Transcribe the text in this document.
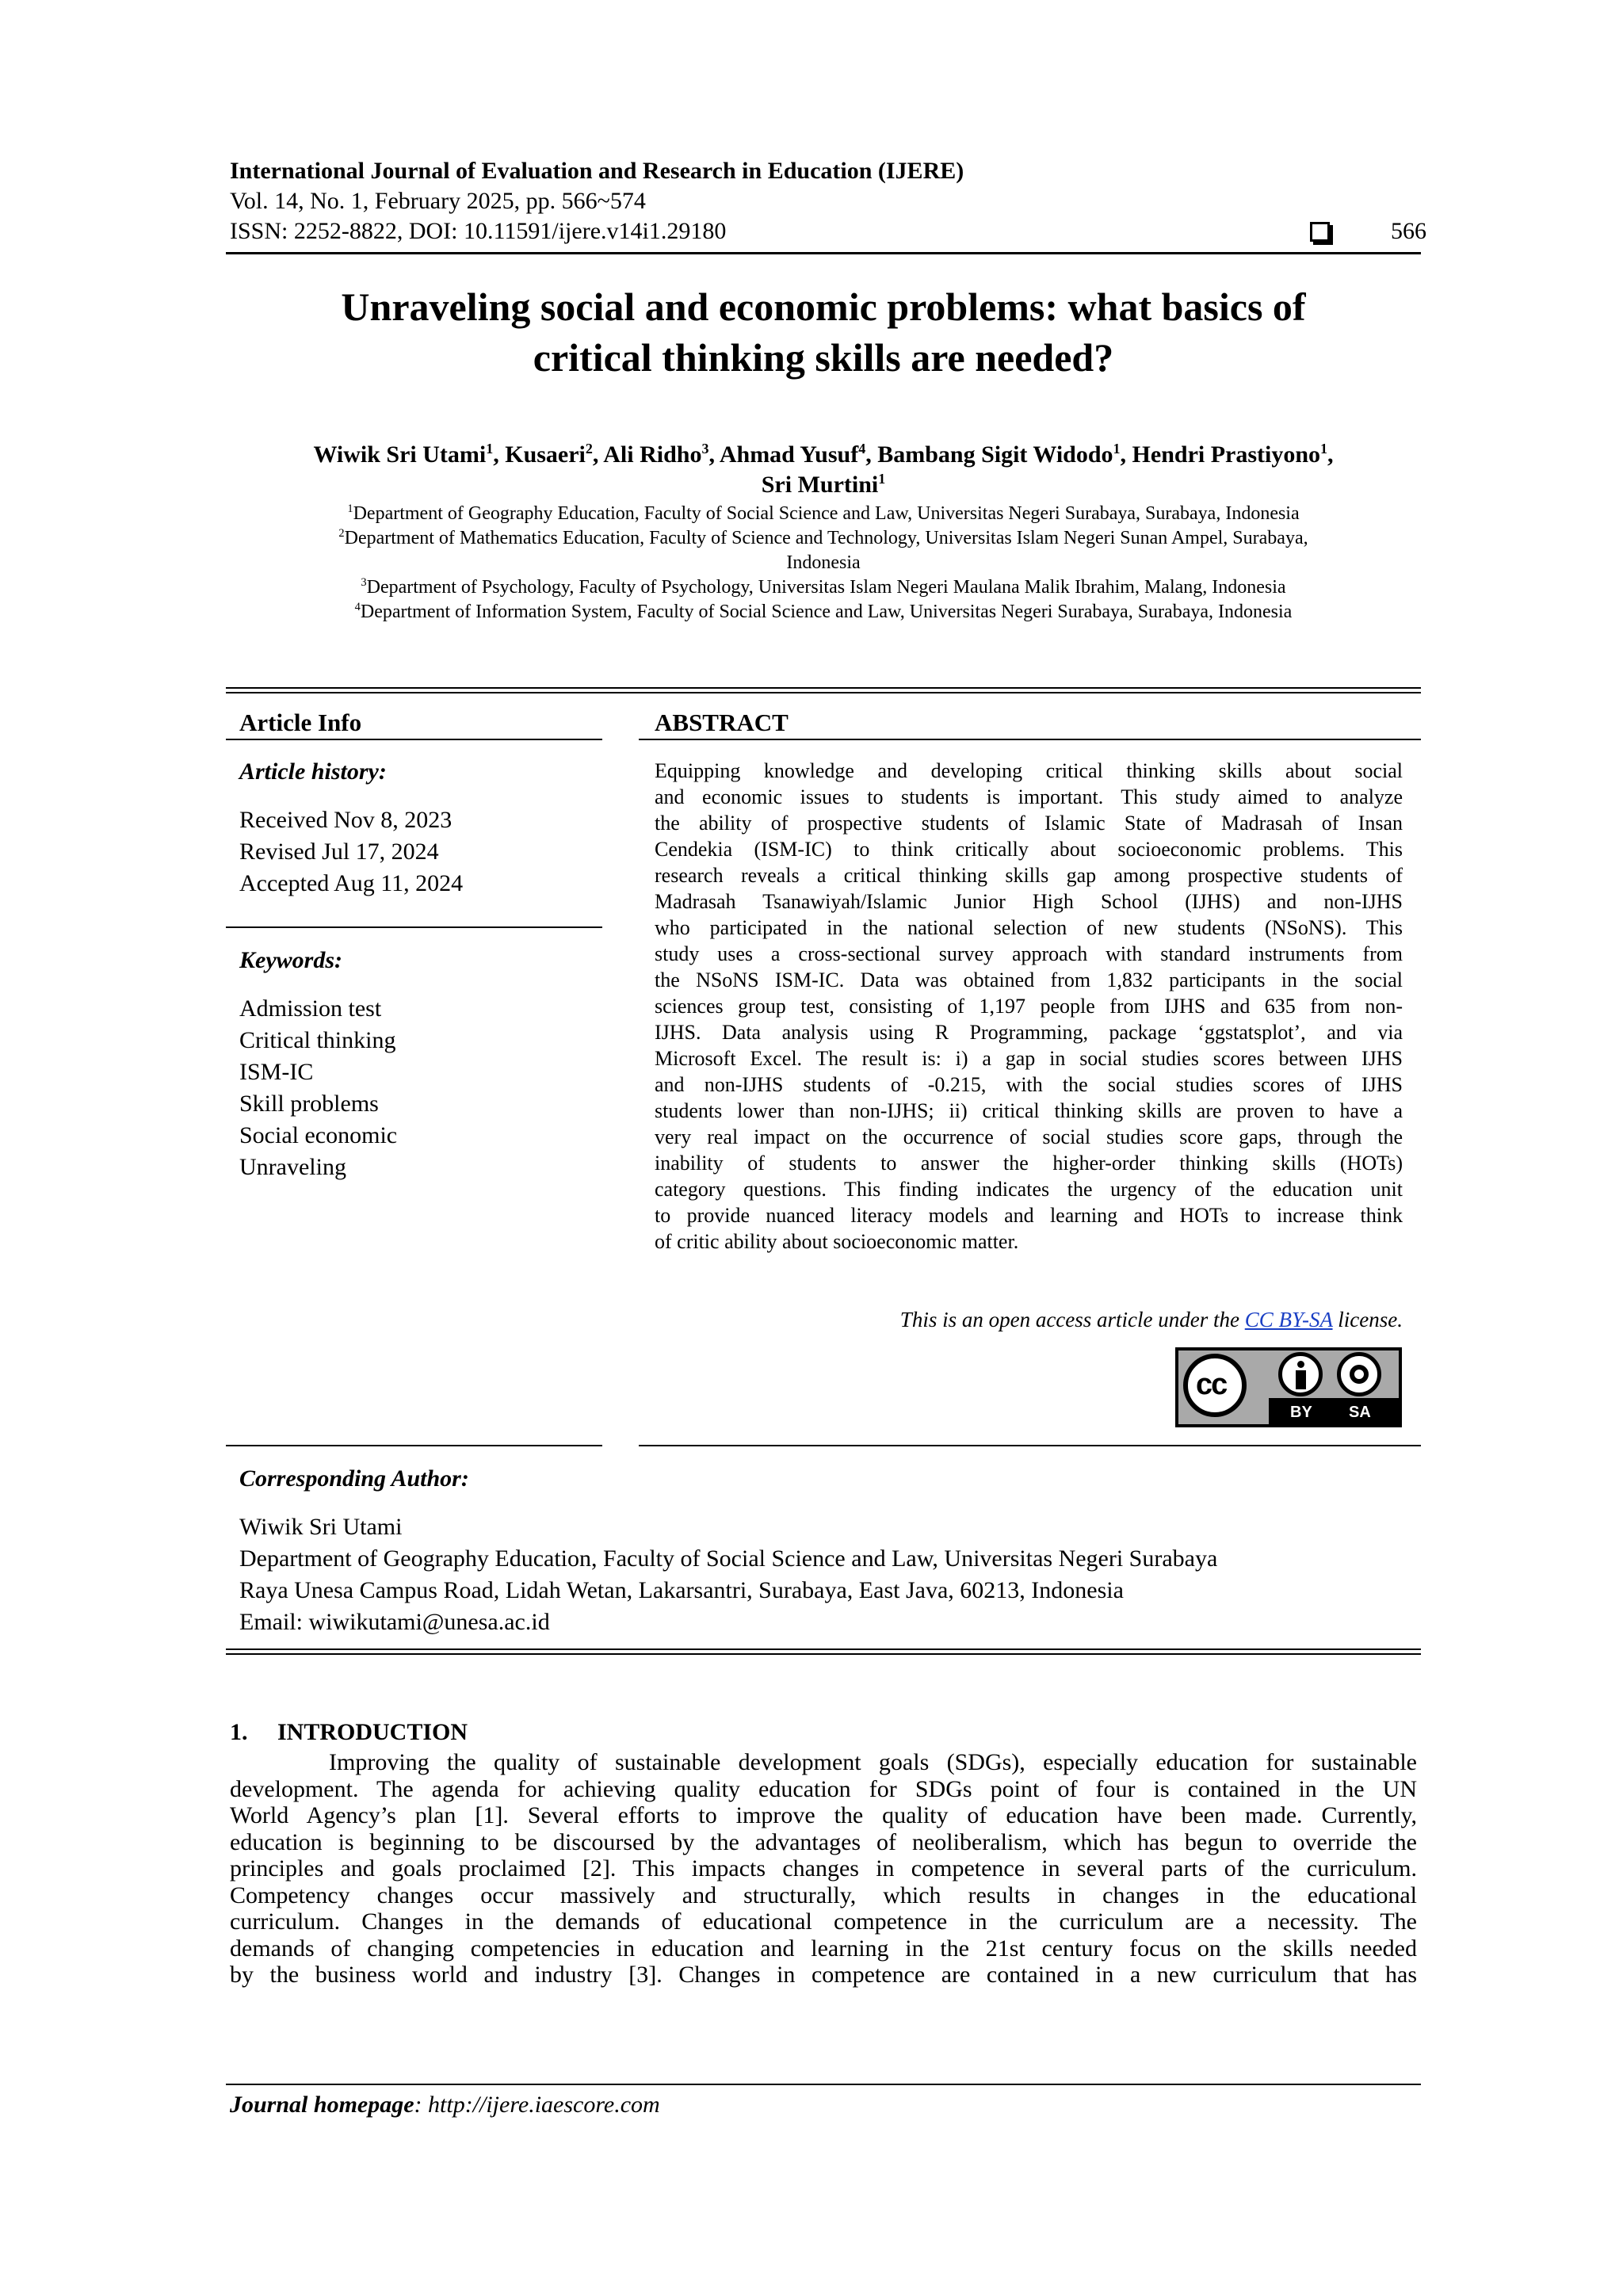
International Journal of Evaluation and Research in Education (IJERE)
Vol. 14, No. 1, February 2025, pp. 566~574
ISSN: 2252-8822, DOI: 10.11591/ijere.v14i1.29180	566
Unraveling social and economic problems: what basics of
critical thinking skills are needed?
Wiwik Sri Utami$^1$, Kusaeri$^2$, Ali Ridho$^3$, Ahmad Yusuf$^4$, Bambang Sigit Widodo$^1$, Hendri Prastiyono$^1$,
Sri Murtini$^1$
$^1$Department of Geography Education, Faculty of Social Science and Law, Universitas Negeri Surabaya, Surabaya, Indonesia
$^2$Department of Mathematics Education, Faculty of Science and Technology, Universitas Islam Negeri Sunan Ampel, Surabaya,
Indonesia
$^3$Department of Psychology, Faculty of Psychology, Universitas Islam Negeri Maulana Malik Ibrahim, Malang, Indonesia
$^4$Department of Information System, Faculty of Social Science and Law, Universitas Negeri Surabaya, Surabaya, Indonesia
Article Info
Article history:
Received Nov 8, 2023
Revised Jul 17, 2024
Accepted Aug 11, 2024
Keywords:
Admission test
Critical thinking
ISM-IC
Skill problems
Social economic
Unraveling
ABSTRACT
Equipping knowledge and developing critical thinking skills about social
and economic issues to students is important. This study aimed to analyze
the ability of prospective students of Islamic State of Madrasah of Insan
Cendekia (ISM-IC) to think critically about socioeconomic problems. This
research reveals a critical thinking skills gap among prospective students of
Madrasah Tsanawiyah/Islamic Junior High School (IJHS) and non-IJHS
who participated in the national selection of new students (NSoNS). This
study uses a cross-sectional survey approach with standard instruments from
the NSoNS ISM-IC. Data was obtained from 1,832 participants in the social
sciences group test, consisting of 1,197 people from IJHS and 635 from non-
IJHS. Data analysis using R Programming, package ‘ggstatsplot’, and via
Microsoft Excel. The result is: i) a gap in social studies scores between IJHS
and non-IJHS students of -0.215, with the social studies scores of IJHS
students lower than non-IJHS; ii) critical thinking skills are proven to have a
very real impact on the occurrence of social studies score gaps, through the
inability of students to answer the higher-order thinking skills (HOTs)
category questions. This finding indicates the urgency of the education unit
to provide nuanced literacy models and learning and HOTs to increase think
of critic ability about socioeconomic matter.
This is an open access article under the CC BY-SA license.
cc
BY SA
Corresponding Author:
Wiwik Sri Utami
Department of Geography Education, Faculty of Social Science and Law, Universitas Negeri Surabaya
Raya Unesa Campus Road, Lidah Wetan, Lakarsantri, Surabaya, East Java, 60213, Indonesia
Email: wiwikutami@unesa.ac.id
1.     INTRODUCTION
Improving the quality of sustainable development goals (SDGs), especially education for sustainable
development. The agenda for achieving quality education for SDGs point of four is contained in the UN
World Agency’s plan [1]. Several efforts to improve the quality of education have been made. Currently,
education is beginning to be discoursed by the advantages of neoliberalism, which has begun to override the
principles and goals proclaimed [2]. This impacts changes in competence in several parts of the curriculum.
Competency changes occur massively and structurally, which results in changes in the educational
curriculum. Changes in the demands of educational competence in the curriculum are a necessity. The
demands of changing competencies in education and learning in the 21st century focus on the skills needed
by the business world and industry [3]. Changes in competence are contained in a new curriculum that has
Journal homepage: http://ijere.iaescore.com
